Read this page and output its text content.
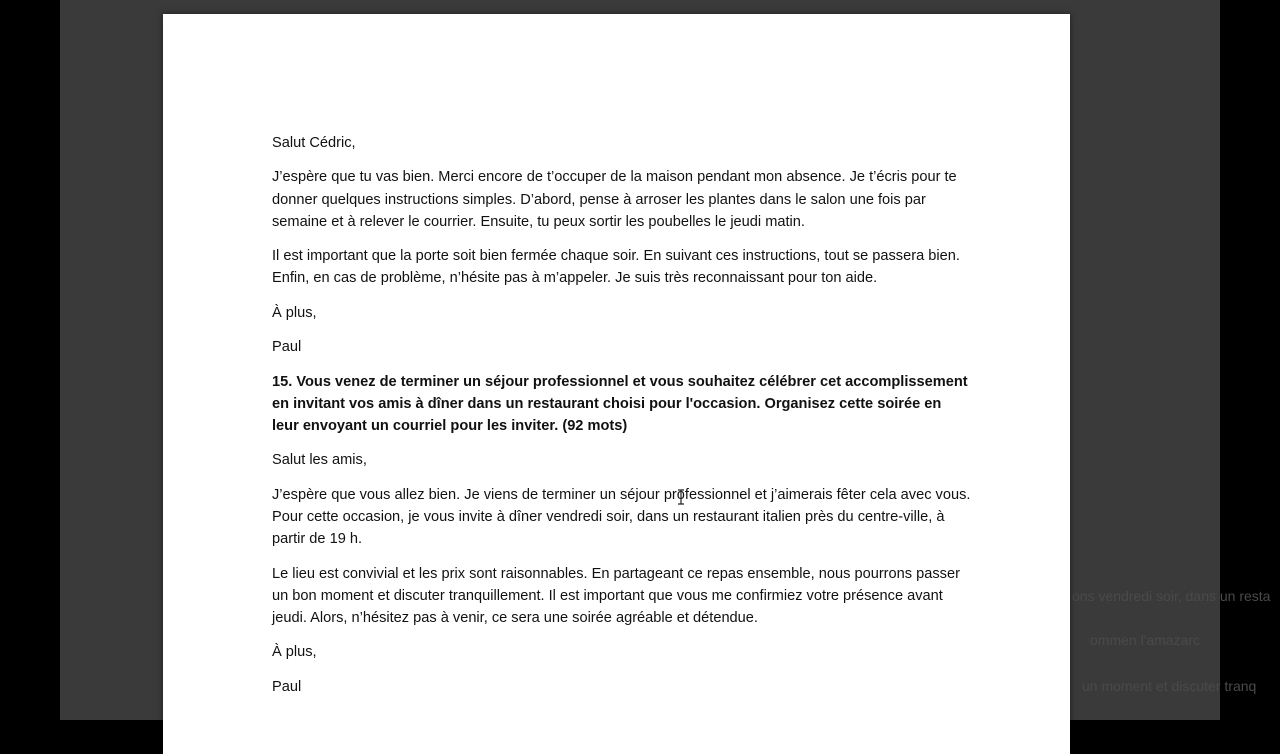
ons vendredi soir, dans un resta
ommen l'amazarc
un moment et discuter tranq

Salut Cédric,

J’espère que tu vas bien. Merci encore de t’occuper de la maison pendant mon absence. Je t’écris pour te donner quelques instructions simples. D’abord, pense à arroser les plantes dans le salon une fois par semaine et à relever le courrier. Ensuite, tu peux sortir les poubelles le jeudi matin.

Il est important que la porte soit bien fermée chaque soir. En suivant ces instructions, tout se passera bien. Enfin, en cas de problème, n’hésite pas à m’appeler. Je suis très reconnaissant pour ton aide.

À plus,

Paul

15. Vous venez de terminer un séjour professionnel et vous souhaitez célébrer cet accomplissement en invitant vos amis à dîner dans un restaurant choisi pour l'occasion. Organisez cette soirée en leur envoyant un courriel pour les inviter. (92 mots)

Salut les amis,

J’espère que vous allez bien. Je viens de terminer un séjour professionnel et j’aimerais fêter cela avec vous. Pour cette occasion, je vous invite à dîner vendredi soir, dans un restaurant italien près du centre-ville, à partir de 19 h.

Le lieu est convivial et les prix sont raisonnables. En partageant ce repas ensemble, nous pourrons passer un bon moment et discuter tranquillement. Il est important que vous me confirmiez votre présence avant jeudi. Alors, n’hésitez pas à venir, ce sera une soirée agréable et détendue.

À plus,

Paul
